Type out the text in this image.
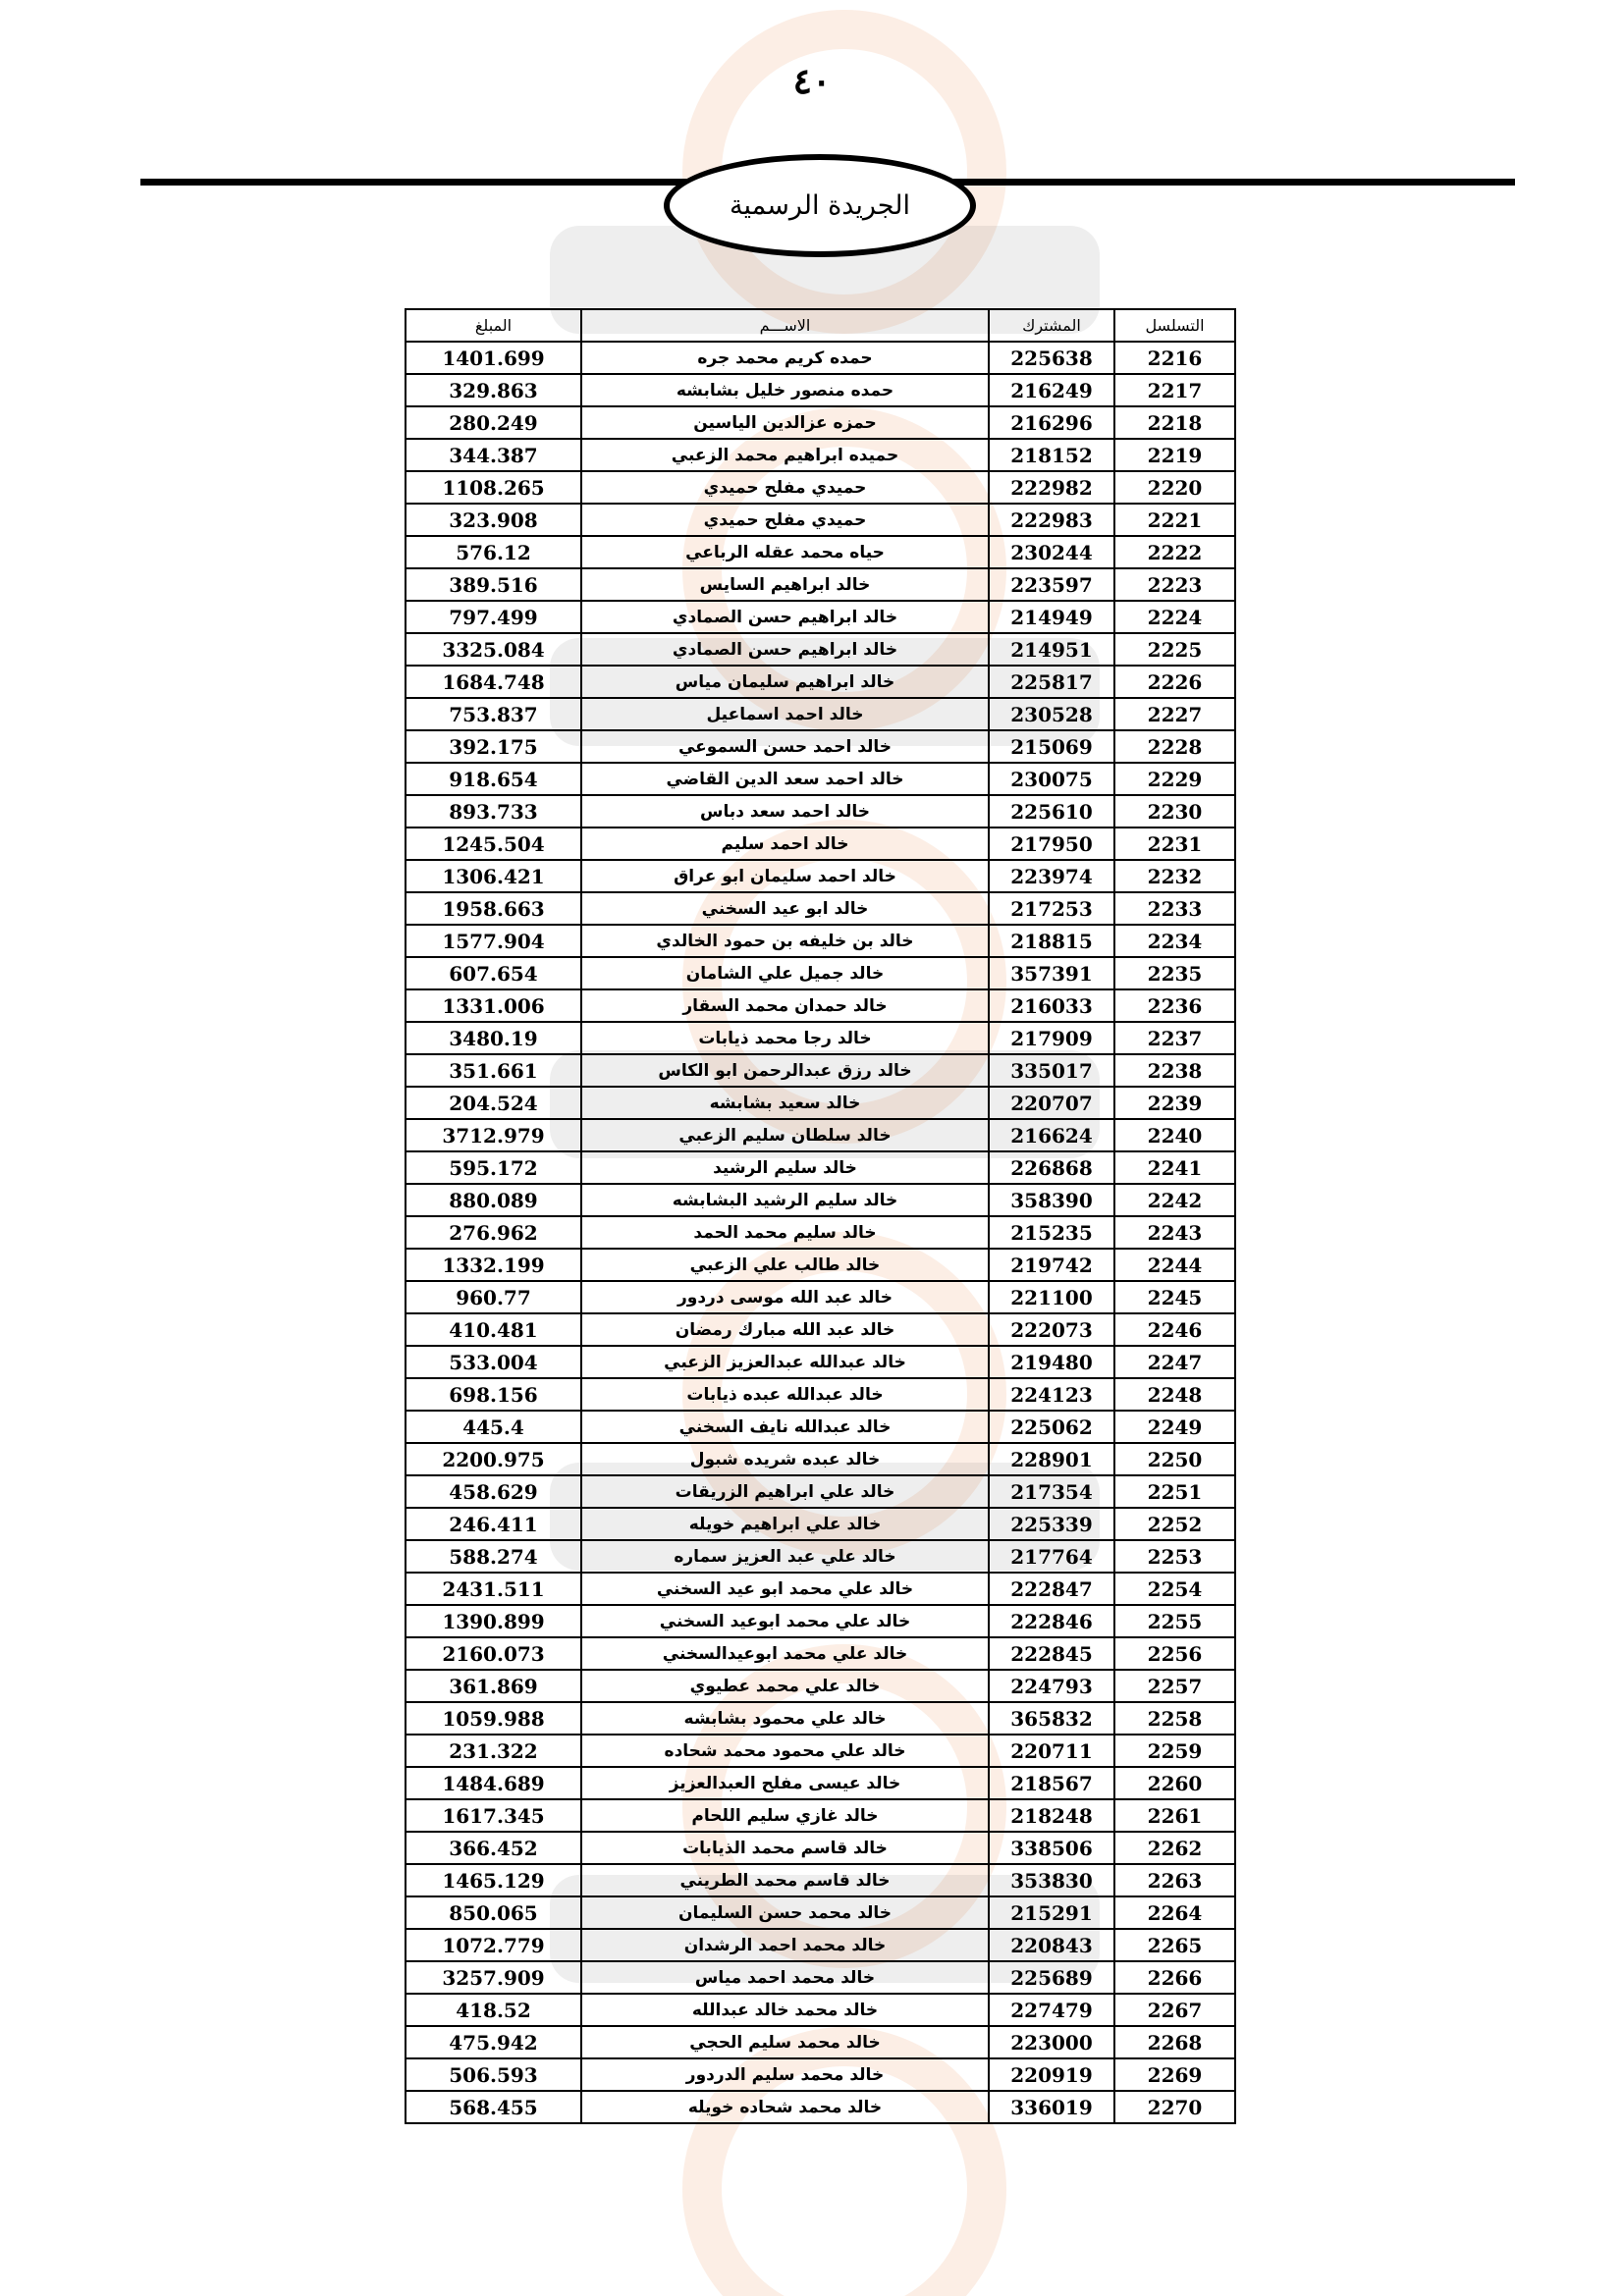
٤٠
الجريدة الرسمية
التسلسل	المشترك	الاســـم	المبلغ
2216	225638	حمده كريم محمد جره	1401.699
2217	216249	حمده منصور خليل بشابشه	329.863
2218	216296	حمزه عزالدين الياسين	280.249
2219	218152	حميده ابراهيم محمد الزعبي	344.387
2220	222982	حميدي مفلح حميدي	1108.265
2221	222983	حميدي مفلح حميدي	323.908
2222	230244	حياه محمد عقله الرباعي	576.12
2223	223597	خالد ابراهيم السايس	389.516
2224	214949	خالد ابراهيم حسن الصمادي	797.499
2225	214951	خالد ابراهيم حسن الصمادي	3325.084
2226	225817	خالد ابراهيم سليمان مياس	1684.748
2227	230528	خالد احمد اسماعيل	753.837
2228	215069	خالد احمد حسن السموعي	392.175
2229	230075	خالد احمد سعد الدين القاضي	918.654
2230	225610	خالد احمد سعد دباس	893.733
2231	217950	خالد احمد سليم	1245.504
2232	223974	خالد احمد سليمان ابو عراق	1306.421
2233	217253	خالد ابو عيد السخني	1958.663
2234	218815	خالد بن خليفه بن حمود الخالدي	1577.904
2235	357391	خالد جميل علي الشامان	607.654
2236	216033	خالد حمدان محمد السقار	1331.006
2237	217909	خالد رجا محمد ذيابات	3480.19
2238	335017	خالد رزق عبدالرحمن ابو الكاس	351.661
2239	220707	خالد سعيد بشابشه	204.524
2240	216624	خالد سلطان سليم الزعبي	3712.979
2241	226868	خالد سليم الرشيد	595.172
2242	358390	خالد سليم الرشيد البشابشه	880.089
2243	215235	خالد سليم محمد الحمد	276.962
2244	219742	خالد طالب علي الزعبي	1332.199
2245	221100	خالد عبد الله موسى دردور	960.77
2246	222073	خالد عبد الله مبارك رمضان	410.481
2247	219480	خالد عبدالله عبدالعزيز الزعبي	533.004
2248	224123	خالد عبدالله عبده ذيابات	698.156
2249	225062	خالد عبدالله نايف السخني	445.4
2250	228901	خالد عبده شريده شبول	2200.975
2251	217354	خالد علي ابراهيم الزريقات	458.629
2252	225339	خالد علي ابراهيم خويله	246.411
2253	217764	خالد علي عبد العزيز سماره	588.274
2254	222847	خالد علي محمد ابو عيد السخني	2431.511
2255	222846	خالد علي محمد ابوعيد السخني	1390.899
2256	222845	خالد علي محمد ابوعيدالسخني	2160.073
2257	224793	خالد علي محمد عطيوي	361.869
2258	365832	خالد علي محمود بشابشه	1059.988
2259	220711	خالد علي محمود محمد شحاده	231.322
2260	218567	خالد عيسى مفلح العبدالعزيز	1484.689
2261	218248	خالد غازي سليم اللحام	1617.345
2262	338506	خالد قاسم محمد الذيابات	366.452
2263	353830	خالد قاسم محمد الطريني	1465.129
2264	215291	خالد محمد حسن السليمان	850.065
2265	220843	خالد محمد احمد الرشدان	1072.779
2266	225689	خالد محمد احمد مياس	3257.909
2267	227479	خالد محمد خالد عبدالله	418.52
2268	223000	خالد محمد سليم الحجي	475.942
2269	220919	خالد محمد سليم الدردور	506.593
2270	336019	خالد محمد شحاده خويله	568.455
